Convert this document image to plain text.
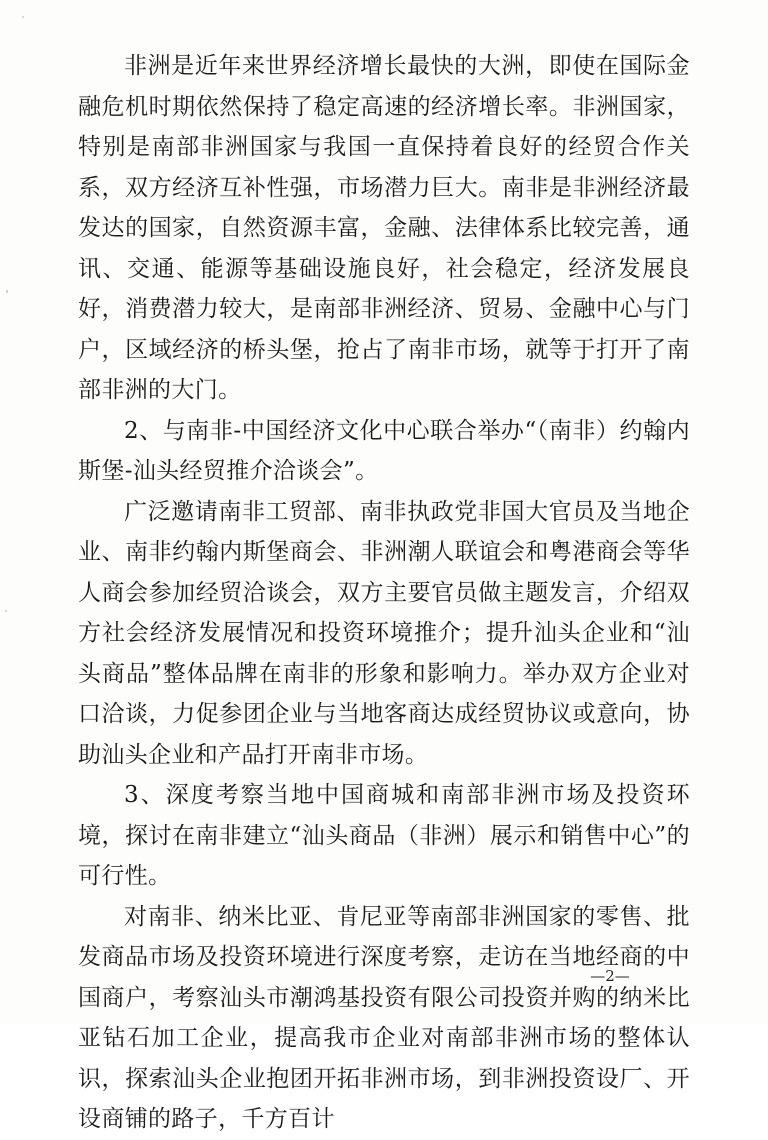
非洲是近年来世界经济增长最快的大洲，即使在国际金融危机时期依然保持了稳定高速的经济增长率。非洲国家，特别是南部非洲国家与我国一直保持着良好的经贸合作关系，双方经济互补性强，市场潜力巨大。南非是非洲经济最发达的国家，自然资源丰富，金融、法律体系比较完善，通讯、交通、能源等基础设施良好，社会稳定，经济发展良好，消费潜力较大，是南部非洲经济、贸易、金融中心与门户，区域经济的桥头堡，抢占了南非市场，就等于打开了南部非洲的大门。

2、与南非-中国经济文化中心联合举办“（南非）约翰内斯堡-汕头经贸推介洽谈会”。

广泛邀请南非工贸部、南非执政党非国大官员及当地企业、南非约翰内斯堡商会、非洲潮人联谊会和粤港商会等华人商会参加经贸洽谈会，双方主要官员做主题发言，介绍双方社会经济发展情况和投资环境推介；提升汕头企业和“汕头商品”整体品牌在南非的形象和影响力。举办双方企业对口洽谈，力促参团企业与当地客商达成经贸协议或意向，协助汕头企业和产品打开南非市场。

3、深度考察当地中国商城和南部非洲市场及投资环境，探讨在南非建立“汕头商品（非洲）展示和销售中心”的可行性。

对南非、纳米比亚、肯尼亚等南部非洲国家的零售、批发商品市场及投资环境进行深度考察，走访在当地经商的中国商户，考察汕头市潮鸿基投资有限公司投资并购的纳米比亚钻石加工企业，提高我市企业对南部非洲市场的整体认识，探索汕头企业抱团开拓非洲市场，到非洲投资设厂、开设商铺的路子，千方百计

—2—
